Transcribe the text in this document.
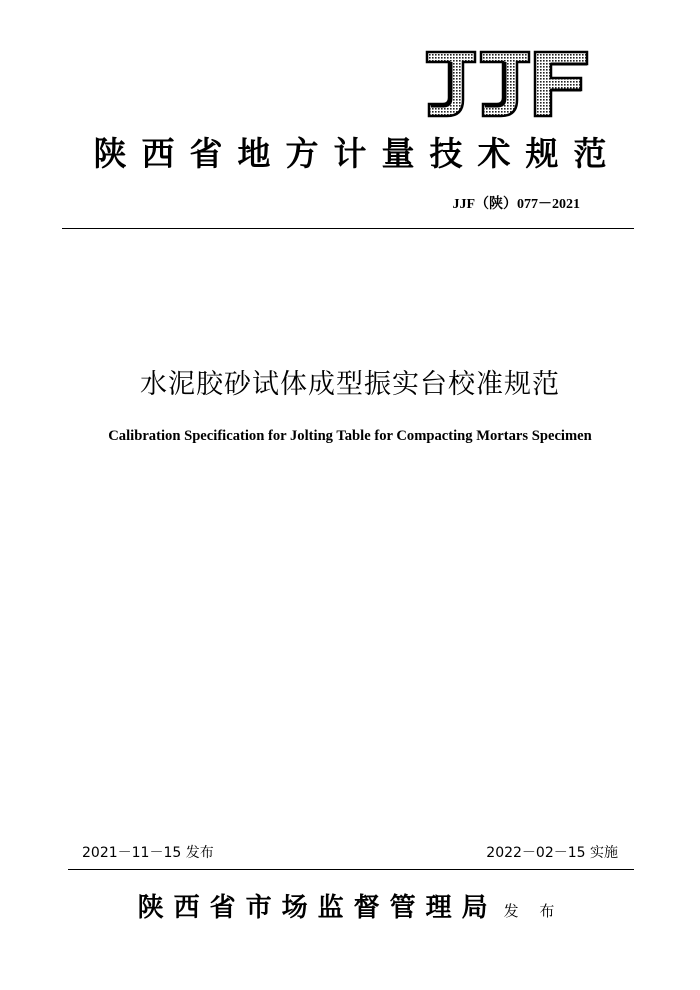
陕西省地方计量技术规范
JJF（陕）077－2021
水泥胶砂试体成型振实台校准规范
Calibration Specification for Jolting Table for Compacting Mortars Specimen
2021－11－15 发布	2022－02－15 实施
陕西省市场监督管理局 发 布
